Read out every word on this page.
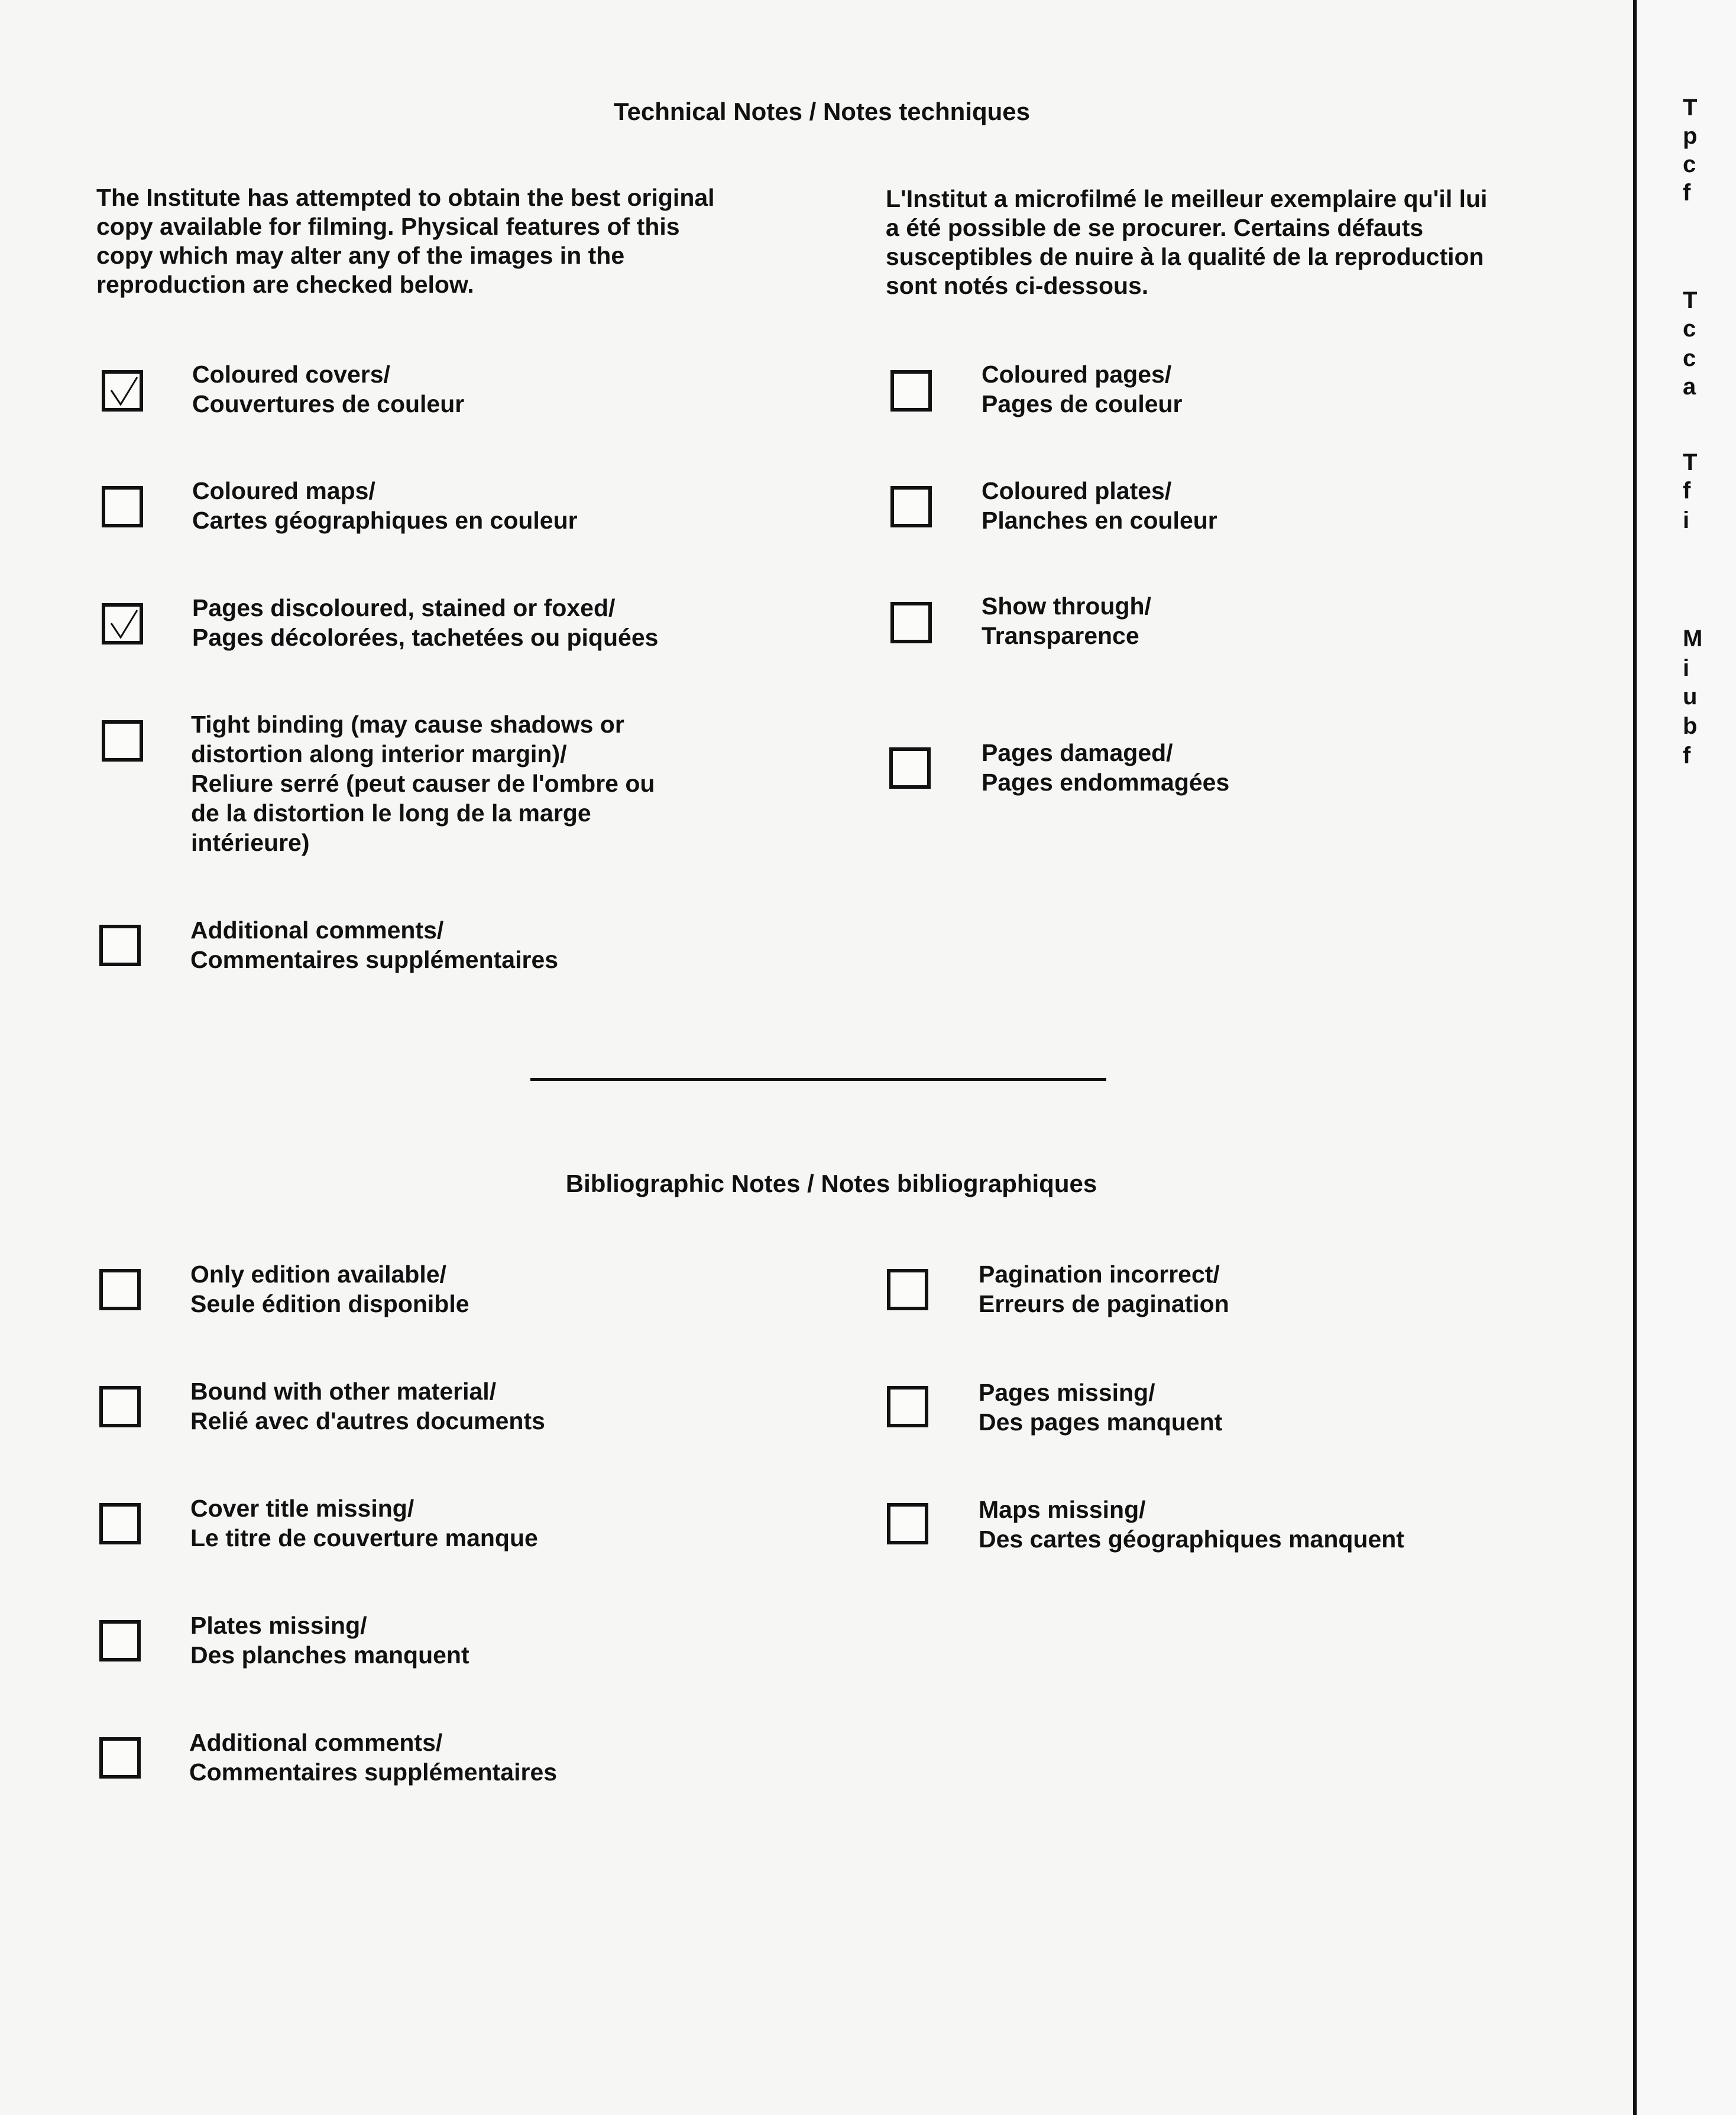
Technical Notes / Notes techniques
The Institute has attempted to obtain the best original copy available for filming. Physical features of this copy which may alter any of the images in the reproduction are checked below.
L'Institut a microfilmé le meilleur exemplaire qu'il lui a été possible de se procurer. Certains défauts susceptibles de nuire à la qualité de la reproduction sont notés ci-dessous.
Coloured covers/
Couvertures de couleur
Coloured maps/
Cartes géographiques en couleur
Pages discoloured, stained or foxed/
Pages décolorées, tachetées ou piquées
Tight binding (may cause shadows or
distortion along interior margin)/
Reliure serré (peut causer de l'ombre ou
de la distortion le long de la marge
intérieure)
Additional comments/
Commentaires supplémentaires
Coloured pages/
Pages de couleur
Coloured plates/
Planches en couleur
Show through/
Transparence
Pages damaged/
Pages endommagées
Bibliographic Notes / Notes bibliographiques
Only edition available/
Seule édition disponible
Bound with other material/
Relié avec d'autres documents
Cover title missing/
Le titre de couverture manque
Plates missing/
Des planches manquent
Additional comments/
Commentaires supplémentaires
Pagination incorrect/
Erreurs de pagination
Pages missing/
Des pages manquent
Maps missing/
Des cartes géographiques manquent
T
p
c
f
T
c
c
a
T
f
i
M
i
u
b
f
